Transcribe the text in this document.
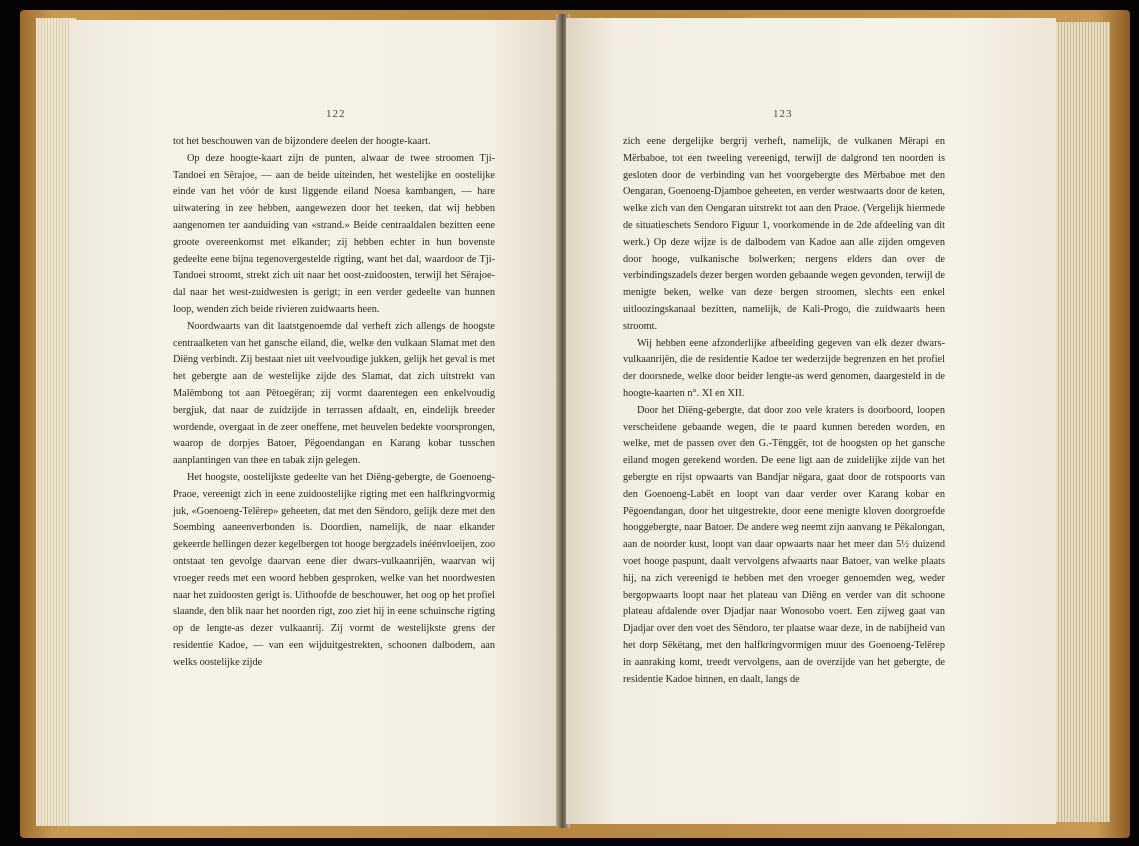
122

tot het beschouwen van de bijzondere deelen der hoogte-kaart.

Op deze hoogte-kaart zijn de punten, alwaar de twee stroomen Tji-Tandoei en Sërajoe, — aan de beide uiteinden, het westelijke en oostelijke einde van het vóór de kust liggende eiland Noesa kambangen, — hare uitwatering in zee hebben, aangewezen door het teeken, dat wij hebben aangenomen ter aanduiding van «strand.» Beide centraaldalen bezitten eene groote overeenkomst met elkander; zij hebben echter in hun bovenste gedeelte eene bijna tegenovergestelde rigting, want het dal, waardoor de Tji-Tandoei stroomt, strekt zich uit naar het oost-zuidoosten, terwijl het Sërajoe-dal naar het west-zuidwesten is gerigt; in een verder gedeelte van hunnen loop, wenden zich beide rivieren zuidwaarts heen.

Noordwaarts van dit laatstgenoemde dal verheft zich allengs de hoogste centraalketen van het gansche eiland, die, welke den vulkaan Slamat met den Diëng verbindt. Zij bestaat niet uit veelvoudige jukken, gelijk het geval is met het gebergte aan de westelijke zijde des Slamat, dat zich uitstrekt van Malëmbong tot aan Pëtoegëran; zij vormt daarentegen een enkelvoudig bergjuk, dat naar de zuidzijde in terrassen afdaalt, en, eindelijk breeder wordende, overgaat in de zeer oneffene, met heuvelen bedekte voorsprongen, waarop de dorpjes Batoer, Pëgoendangan en Karang kobar tusschen aanplantingen van thee en tabak zijn gelegen.

Het hoogste, oostelijkste gedeelte van het Diëng-gebergte, de Goenoeng-Praoe, vereenigt zich in eene zuidoostelijke rigting met een halfkringvormig juk, «Goenoeng-Telërep» geheeten, dat met den Sëndoro, gelijk deze met den Soembing aaneenverbonden is. Doordien, namelijk, de naar elkander gekeerde hellingen dezer kegelbergen tot hooge bergzadels inéénvloeijen, zoo ontstaat ten gevolge daarvan eene dier dwars-vulkaanrijën, waarvan wij vroeger reeds met een woord hebben gesproken, welke van het noordwesten naar het zuidoosten gerigt is. Uithoofde de beschouwer, het oog op het profiel slaande, den blik naar het noorden rigt, zoo ziet hij in eene schuinsche rigting op de lengte-as dezer vulkaanrij. Zij vormt de westelijkste grens der residentie Kadoe, — van een wijduitgestrekten, schoonen dalbodem, aan welks oostelijke zijde

123

zich eene dergelijke bergrij verheft, namelijk, de vulkanen Mërapi en Mërbaboe, tot een tweeling vereenigd, terwijl de dalgrond ten noorden is gesloten door de verbinding van het voorgebergte des Mërbaboe met den Oengaran, Goenoeng-Djamboe geheeten, en verder westwaarts door de keten, welke zich van den Oengaran uitstrekt tot aan den Praoe. (Vergelijk hiermede de situatieschets Sendoro Figuur 1, voorkomende in de 2de afdeeling van dit werk.) Op deze wijze is de dalbodem van Kadoe aan alle zijden omgeven door hooge, vulkanische bolwerken; nergens elders dan over de verbindingszadels dezer bergen worden gebaande wegen gevonden, terwijl de menigte beken, welke van deze bergen stroomen, slechts een enkel uitloozingskanaal bezitten, namelijk, de Kali-Progo, die zuidwaarts heen stroomt.

Wij hebben eene afzonderlijke afbeelding gegeven van elk dezer dwars-vulkaanrijën, die de residentie Kadoe ter wederzijde begrenzen en het profiel der doorsnede, welke door beider lengte-as werd genomen, daargesteld in de hoogte-kaarten n°. XI en XII.

Door het Diëng-gebergte, dat door zoo vele kraters is doorboord, loopen verscheidene gebaande wegen, die te paard kunnen bereden worden, en welke, met de passen over den G.-Tënggër, tot de hoogsten op het gansche eiland mogen gerekend worden. De eene ligt aan de zuidelijke zijde van het gebergte en rijst opwaarts van Bandjar nëgara, gaat door de rotspoorts van den Goenoeng-Labët en loopt van daar verder over Karang kobar en Pëgoendangan, door het uitgestrekte, door eene menigte kloven doorgroefde hooggebergte, naar Batoer. De andere weg neemt zijn aanvang te Pëkalongan, aan de noorder kust, loopt van daar opwaarts naar het meer dan 5½ duizend voet hooge paspunt, daalt vervolgens afwaarts naar Batoer, van welke plaats hij, na zich vereenigd te hebben met den vroeger genoemden weg, weder bergopwaarts loopt naar het plateau van Diëng en verder van dit schoone plateau afdalende over Djadjar naar Wonosobo voert. Een zijweg gaat van Djadjar over den voet des Sëndoro, ter plaatse waar deze, in de nabijheid van het dorp Sëkëtang, met den halfkringvormigen muur des Goenoeng-Telërep in aanraking komt, treedt vervolgens, aan de overzijde van het gebergte, de residentie Kadoe binnen, en daalt, langs de
